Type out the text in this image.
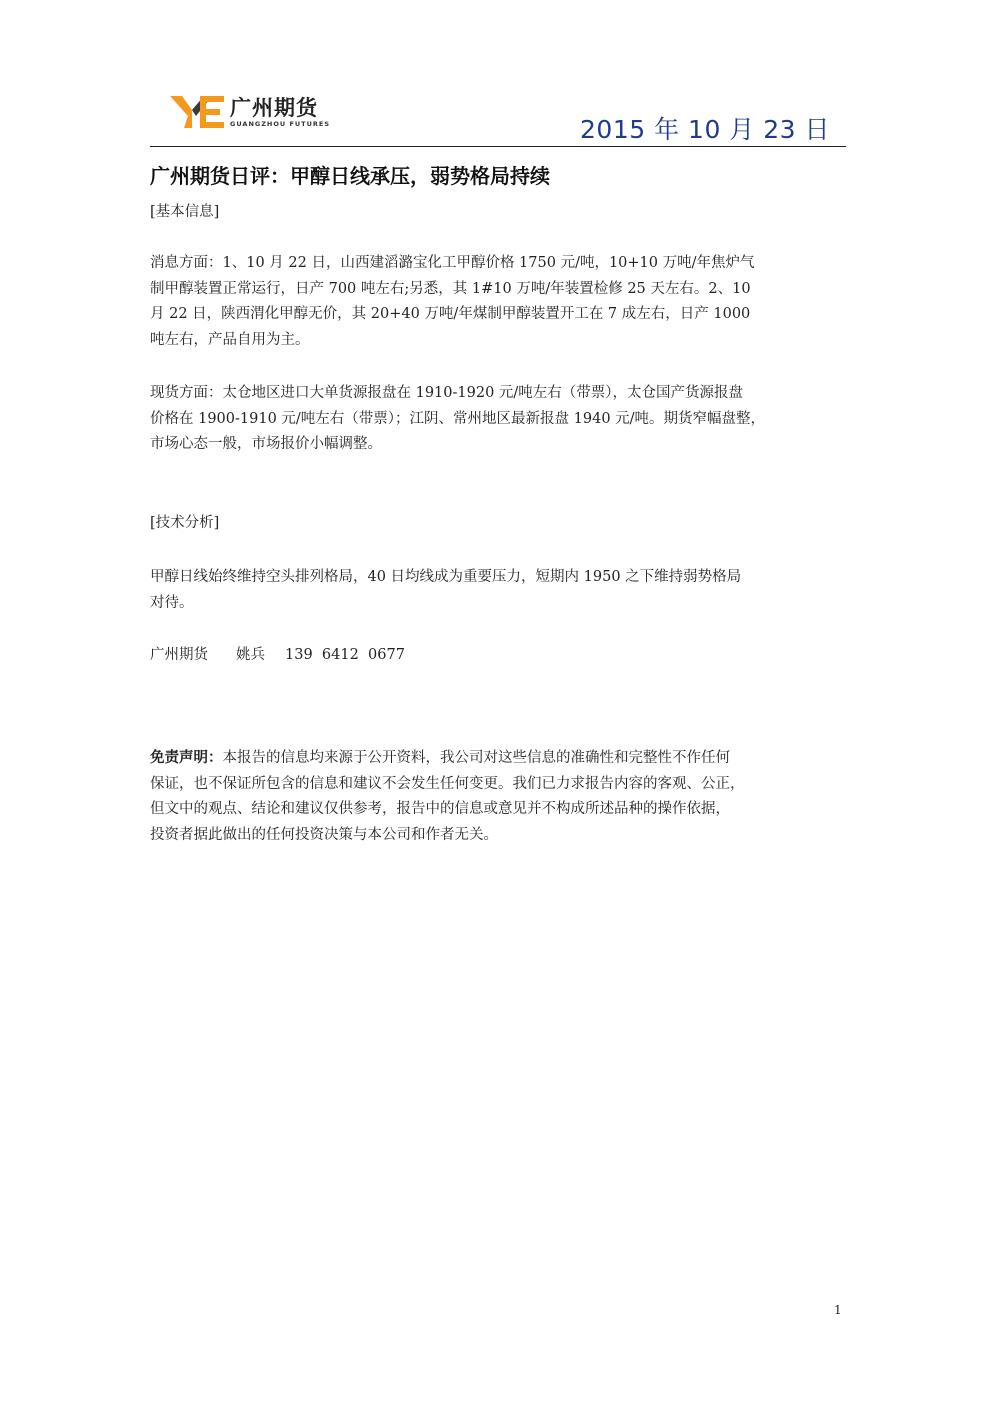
广州期货
GUANGZHOU FUTURES	2015 年 10 月 23 日
广州期货日评：甲醇日线承压，弱势格局持续
[基本信息]
消息方面：1、10 月 22 日，山西建滔潞宝化工甲醇价格 1750 元/吨，10+10 万吨/年焦炉气
制甲醇装置正常运行，日产 700 吨左右;另悉，其 1#10 万吨/年装置检修 25 天左右。2、10
月 22 日，陕西渭化甲醇无价，其 20+40 万吨/年煤制甲醇装置开工在 7 成左右，日产 1000
吨左右，产品自用为主。
现货方面：太仓地区进口大单货源报盘在 1910-1920 元/吨左右（带票），太仓国产货源报盘
价格在 1900-1910 元/吨左右（带票）；江阴、常州地区最新报盘 1940 元/吨。期货窄幅盘整，
市场心态一般，市场报价小幅调整。
[技术分析]
甲醇日线始终维持空头排列格局，40 日均线成为重要压力，短期内 1950 之下维持弱势格局
对待。
广州期货 姚兵 139  6412  0677
免责声明：本报告的信息均来源于公开资料，我公司对这些信息的准确性和完整性不作任何
保证，也不保证所包含的信息和建议不会发生任何变更。我们已力求报告内容的客观、公正，
但文中的观点、结论和建议仅供参考，报告中的信息或意见并不构成所述品种的操作依据，
投资者据此做出的任何投资决策与本公司和作者无关。
1
